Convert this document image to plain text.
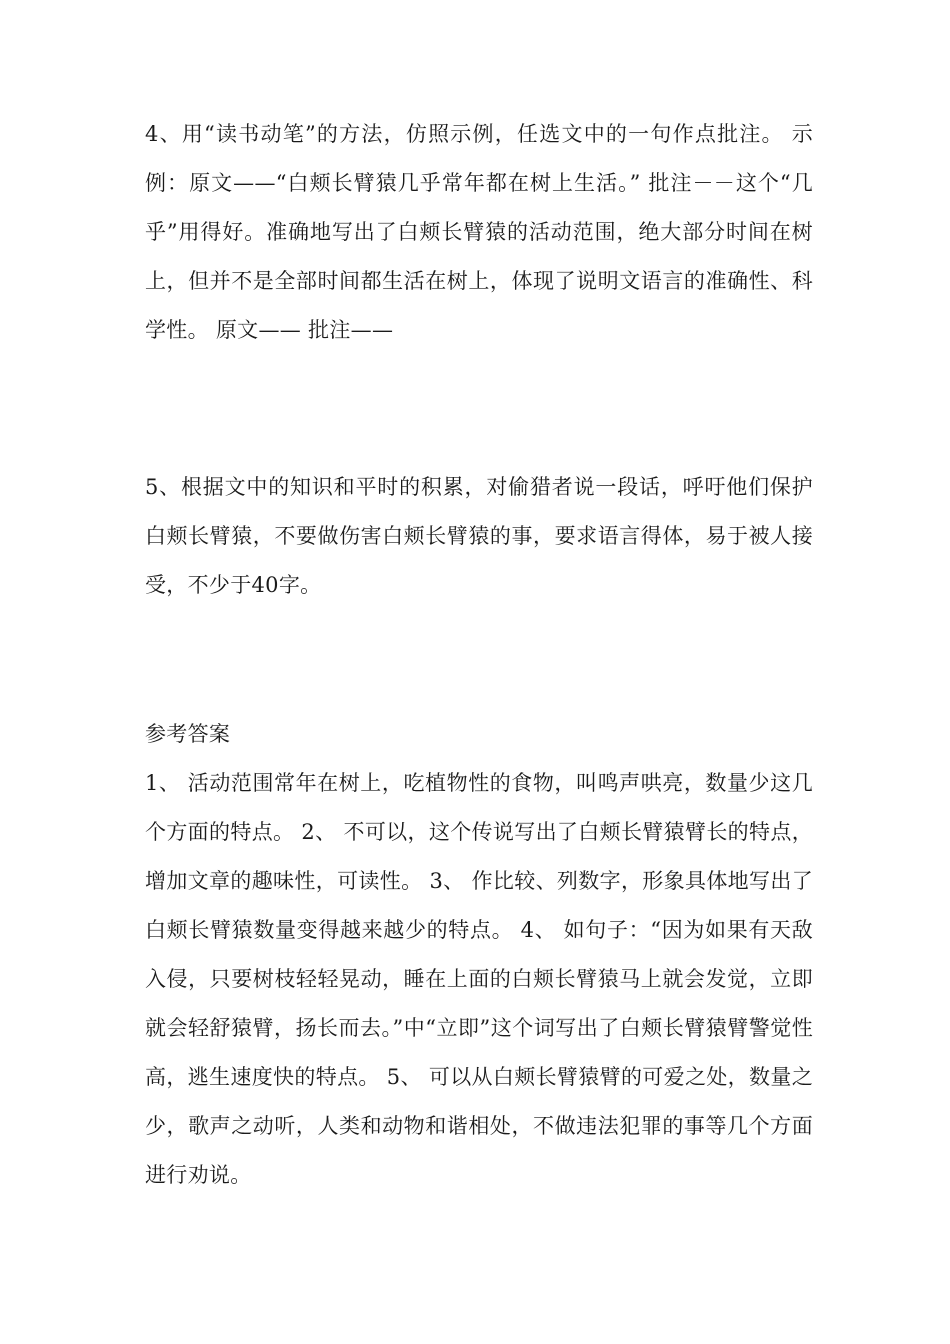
4、用“读书动笔”的方法，仿照示例，任选文中的一句作点批注。 示例：原文——“白颊长臂猿几乎常年都在树上生活。” 批注－－这个“几乎”用得好。准确地写出了白颊长臂猿的活动范围，绝大部分时间在树上，但并不是全部时间都生活在树上，体现了说明文语言的准确性、科学性。 原文—— 批注——
5、根据文中的知识和平时的积累，对偷猎者说一段话，呼吁他们保护白颊长臂猿，不要做伤害白颊长臂猿的事，要求语言得体，易于被人接受，不少于40字。
参考答案
1、 活动范围常年在树上，吃植物性的食物，叫鸣声哄亮，数量少这几个方面的特点。 2、 不可以，这个传说写出了白颊长臂猿臂长的特点，增加文章的趣味性，可读性。 3、 作比较、列数字，形象具体地写出了白颊长臂猿数量变得越来越少的特点。 4、 如句子：“因为如果有天敌入侵，只要树枝轻轻晃动，睡在上面的白颊长臂猿马上就会发觉，立即就会轻舒猿臂，扬长而去。”中“立即”这个词写出了白颊长臂猿臂警觉性高，逃生速度快的特点。 5、 可以从白颊长臂猿臂的可爱之处，数量之少，歌声之动听，人类和动物和谐相处，不做违法犯罪的事等几个方面进行劝说。
